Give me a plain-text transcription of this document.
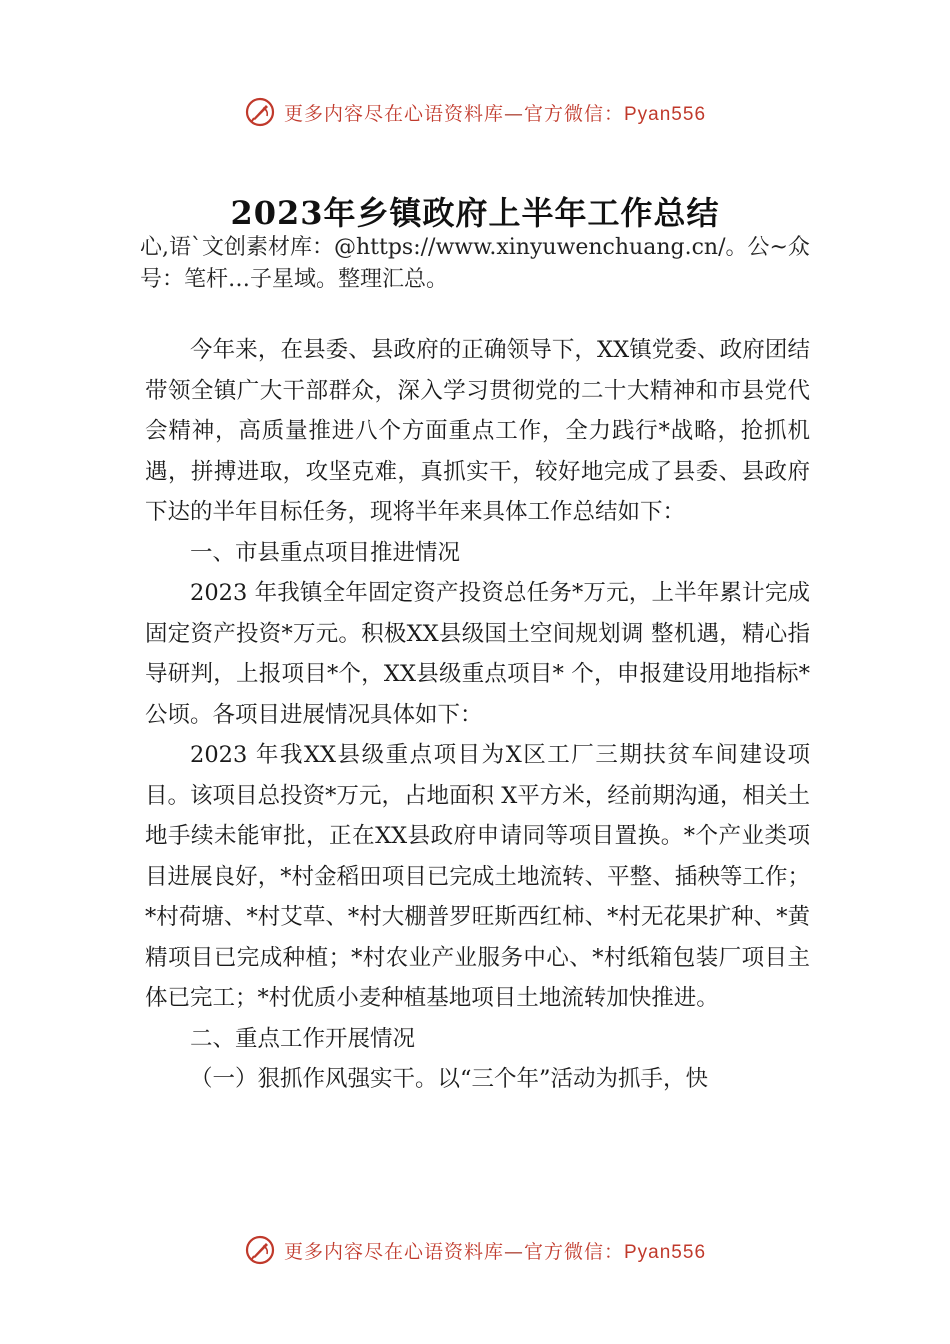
更多内容尽在心语资料库—官方微信：Pyan556
2023年乡镇政府上半年工作总结
心,语`文创素材库：@https://www.xinyuwenchuang.cn/。公~众号：笔杆…子星域。整理汇总。

今年来，在县委、县政府的正确领导下，XX镇党委、政府团结带领全镇广大干部群众，深入学习贯彻党的二十大精神和市县党代会精神，高质量推进八个方面重点工作，全力践行*战略，抢抓机遇，拼搏进取，攻坚克难，真抓实干，较好地完成了县委、县政府下达的半年目标任务，现将半年来具体工作总结如下：

一、市县重点项目推进情况

2023 年我镇全年固定资产投资总任务*万元，上半年累计完成固定资产投资*万元。积极XX县级国土空间规划调 整机遇，精心指导研判，上报项目*个，XX县级重点项目* 个，申报建设用地指标*公顷。各项目进展情况具体如下：

2023 年我XX县级重点项目为X区工厂三期扶贫车间建设项目。该项目总投资*万元，占地面积 X平方米，经前期沟通，相关土地手续未能审批，正在XX县政府申请同等项目置换。*个产业类项目进展良好，*村金稻田项目已完成土地流转、平整、插秧等工作；*村荷塘、*村艾草、*村大棚普罗旺斯西红柿、*村无花果扩种、*黄精项目已完成种植；*村农业产业服务中心、*村纸箱包装厂项目主体已完工；*村优质小麦种植基地项目土地流转加快推进。

二、重点工作开展情况

（一）狠抓作风强实干。以“三个年”活动为抓手，快

更多内容尽在心语资料库—官方微信：Pyan556
